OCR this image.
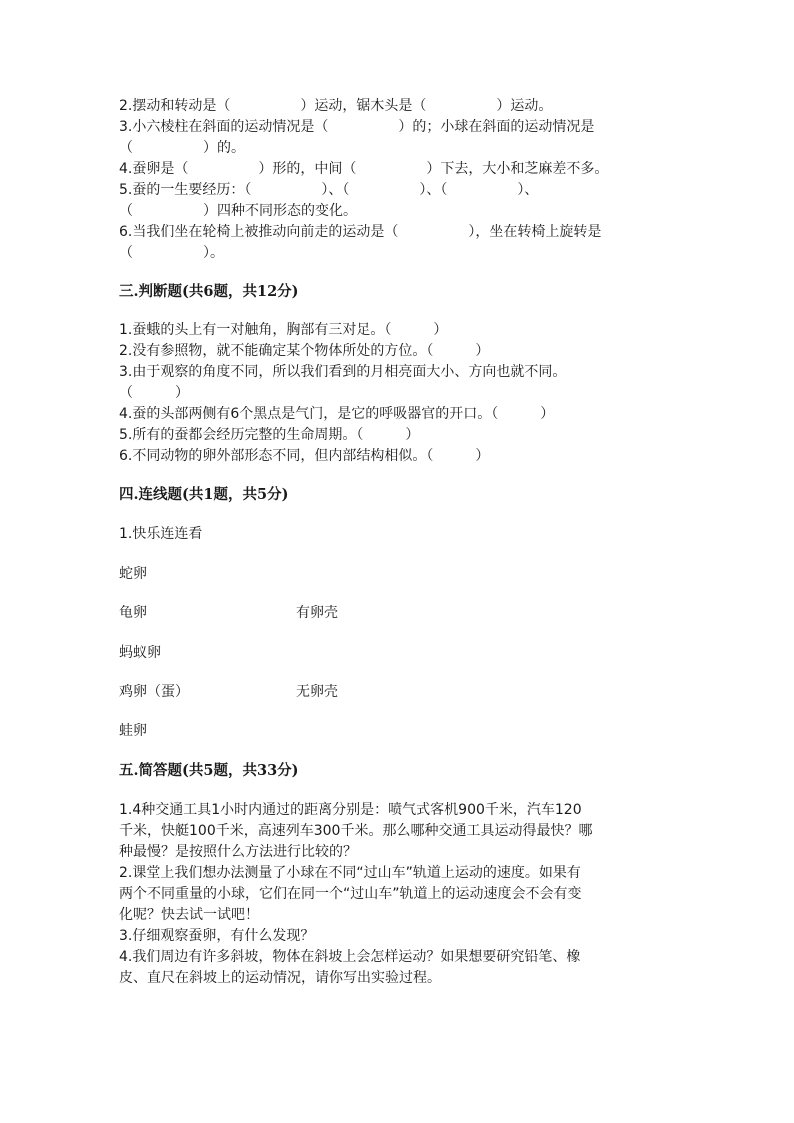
2.摆动和转动是（　　　　　）运动，锯木头是（　　　　　）运动。
3.小六棱柱在斜面的运动情况是（　　　　　）的；小球在斜面的运动情况是
（　　　　　）的。
4.蚕卵是（　　　　　）形的，中间（　　　　　）下去，大小和芝麻差不多。
5.蚕的一生要经历：（　　　　　）、（　　　　　）、（　　　　　）、
（　　　　　）四种不同形态的变化。
6.当我们坐在轮椅上被推动向前走的运动是（　　　　　），坐在转椅上旋转是
（　　　　　）。
三.判断题(共6题，共12分)
1.蚕蛾的头上有一对触角，胸部有三对足。（　　　）
2.没有参照物，就不能确定某个物体所处的方位。（　　　）
3.由于观察的角度不同，所以我们看到的月相亮面大小、方向也就不同。
（　　　）
4.蚕的头部两侧有6个黑点是气门，是它的呼吸器官的开口。（　　　）
5.所有的蚕都会经历完整的生命周期。（　　　）
6.不同动物的卵外部形态不同，但内部结构相似。（　　　）
四.连线题(共1题，共5分)
1.快乐连连看
蛇卵
龟卵	有卵壳
蚂蚁卵
鸡卵（蛋）	无卵壳
蛙卵
五.简答题(共5题，共33分)
1.4种交通工具1小时内通过的距离分别是：喷气式客机900千米，汽车120
千米，快艇100千米，高速列车300千米。那么哪种交通工具运动得最快？哪
种最慢？是按照什么方法进行比较的？
2.课堂上我们想办法测量了小球在不同“过山车”轨道上运动的速度。如果有
两个不同重量的小球，它们在同一个“过山车”轨道上的运动速度会不会有变
化呢？快去试一试吧！
3.仔细观察蚕卵，有什么发现？
4.我们周边有许多斜坡，物体在斜坡上会怎样运动？如果想要研究铅笔、橡
皮、直尺在斜坡上的运动情况，请你写出实验过程。
